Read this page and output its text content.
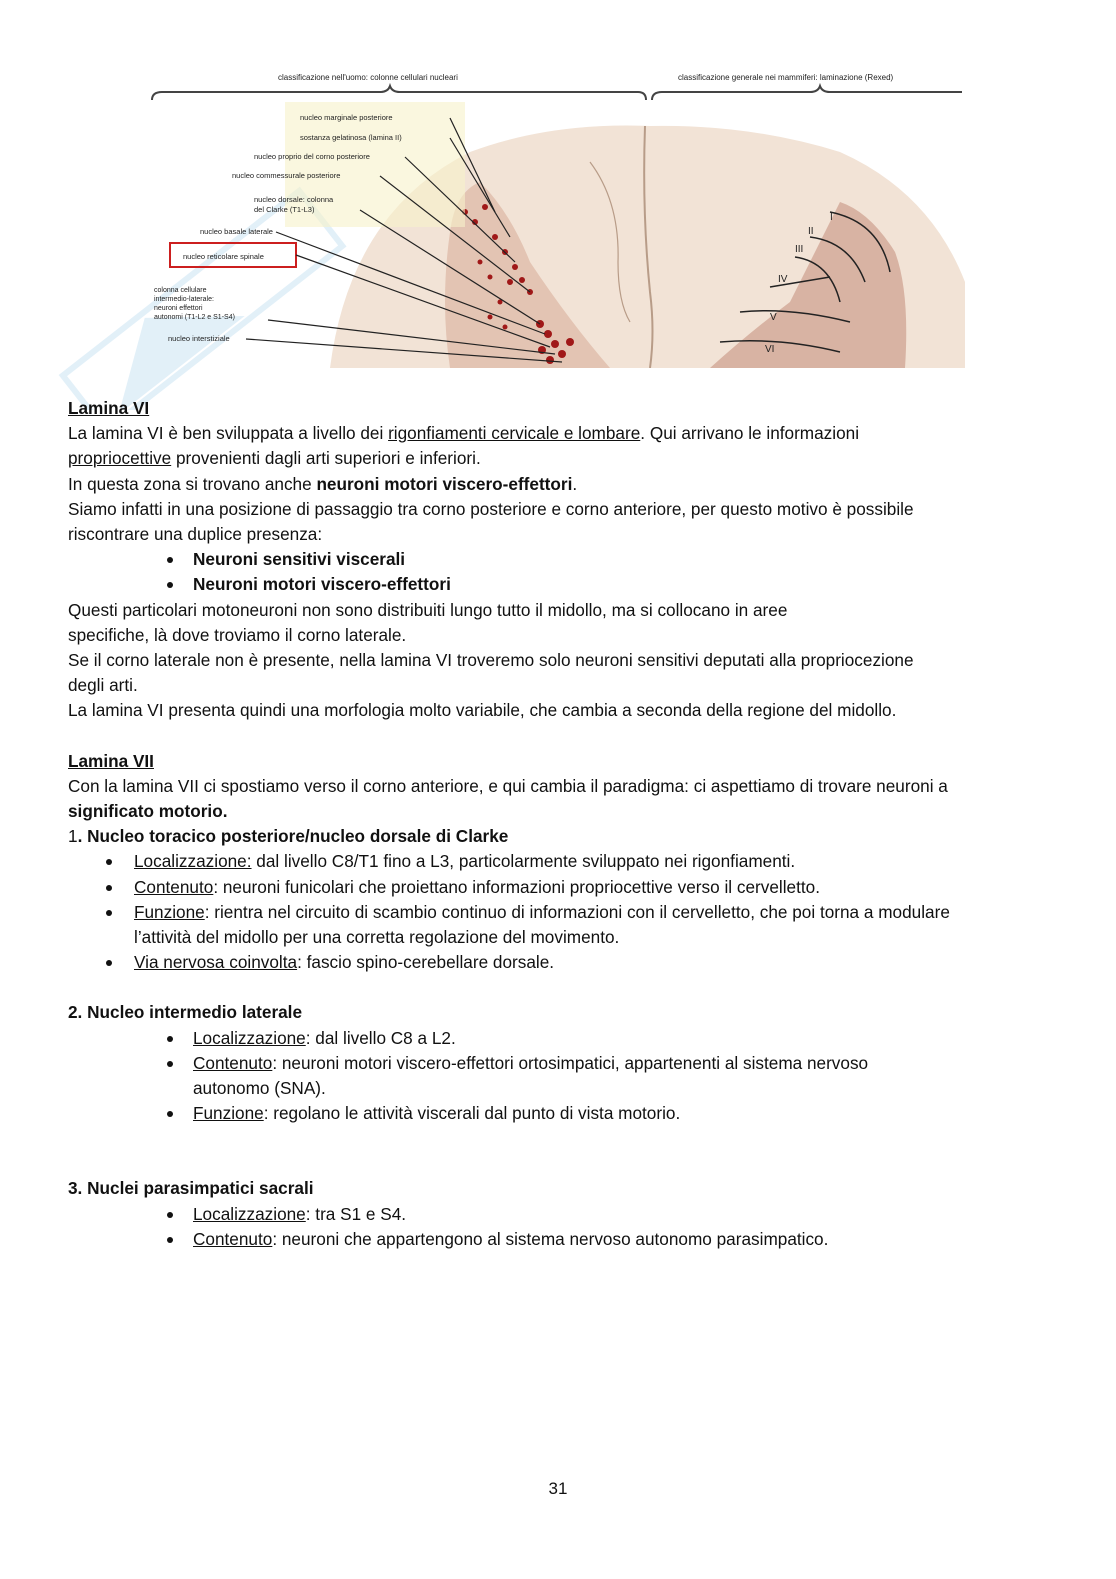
classificazione nell'uomo: colonne cellulari nucleari	classificazione generale nei mammiferi: laminazione (Rexed)
I
II
III
IV
V
VI
nucleo marginale posteriore
sostanza gelatinosa (lamina II)
nucleo proprio del corno posteriore
nucleo commessurale posteriore
nucleo dorsale: colonna
del Clarke (T1-L3)
nucleo basale laterale
nucleo reticolare spinale
colonna cellulare
intermedio-laterale:
neuroni effettori
autonomi (T1-L2 e S1-S4)
nucleo interstiziale

Lamina VI

La lamina VI è ben sviluppata a livello dei rigonfiamenti cervicale e lombare. Qui arrivano le informazioni

propriocettive provenienti dagli arti superiori e inferiori.

In questa zona si trovano anche neuroni motori viscero-effettori.

Siamo infatti in una posizione di passaggio tra corno posteriore e corno anteriore, per questo motivo è possibile

riscontrare una duplice presenza:

Neuroni sensitivi viscerali
Neuroni motori viscero-effettori

Questi particolari motoneuroni non sono distribuiti lungo tutto il midollo, ma si collocano in aree

specifiche, là dove troviamo il corno laterale.

Se il corno laterale non è presente, nella lamina VI troveremo solo neuroni sensitivi deputati alla propriocezione

degli arti.

La lamina VI presenta quindi una morfologia molto variabile, che cambia a seconda della regione del midollo.

Lamina VII

Con la lamina VII ci spostiamo verso il corno anteriore, e qui cambia il paradigma: ci aspettiamo di trovare neuroni a

significato motorio.

1. Nucleo toracico posteriore/nucleo dorsale di Clarke

Localizzazione: dal livello C8/T1 fino a L3, particolarmente sviluppato nei rigonfiamenti.
Contenuto: neuroni funicolari che proiettano informazioni propriocettive verso il cervelletto.
Funzione: rientra nel circuito di scambio continuo di informazioni con il cervelletto, che poi torna a modulare
l’attività del midollo per una corretta regolazione del movimento.
Via nervosa coinvolta: fascio spino-cerebellare dorsale.

2. Nucleo intermedio laterale

Localizzazione: dal livello C8 a L2.
Contenuto: neuroni motori viscero-effettori ortosimpatici, appartenenti al sistema nervoso
autonomo (SNA).
Funzione: regolano le attività viscerali dal punto di vista motorio.

3. Nuclei parasimpatici sacrali

Localizzazione: tra S1 e S4.
Contenuto: neuroni che appartengono al sistema nervoso autonomo parasimpatico.
31
